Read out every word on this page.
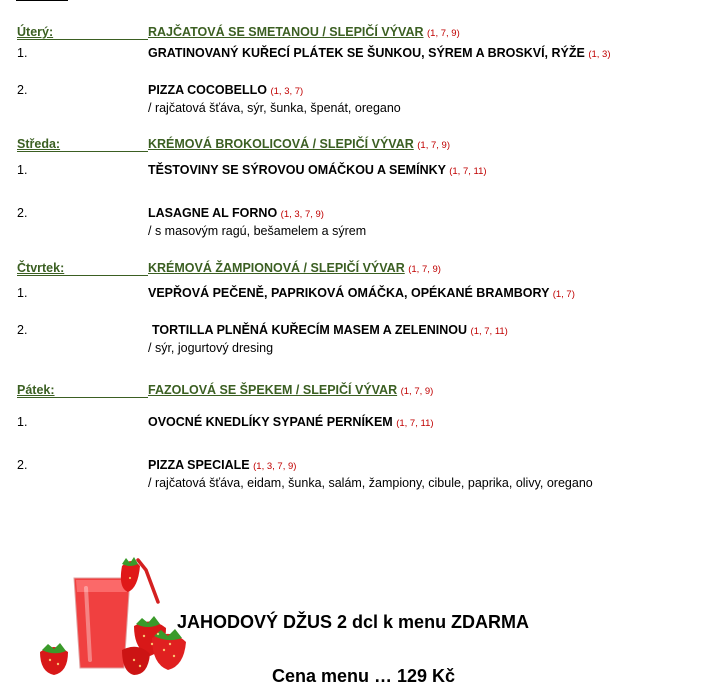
Úterý:	RAJČATOVÁ SE SMETANOU / SLEPIČÍ VÝVAR (1, 7, 9)
1.	GRATINOVANÝ KUŘECÍ PLÁTEK SE ŠUNKOU, SÝREM A BROSKVÍ, RÝŽE (1, 3)
2.	PIZZA COCOBELLO (1, 3, 7)
/ rajčatová šťáva, sýr, šunka, špenát, oregano
Středa:	KRÉMOVÁ BROKOLICOVÁ / SLEPIČÍ VÝVAR (1, 7, 9)
1.	TĚSTOVINY SE SÝROVOU OMÁČKOU A SEMÍNKY (1, 7, 11)
2.	LASAGNE AL FORNO (1, 3, 7, 9)
/ s masovým ragú, bešamelem a sýrem
Čtvrtek:	KRÉMOVÁ ŽAMPIONOVÁ / SLEPIČÍ VÝVAR (1, 7, 9)
1.	VEPŘOVÁ PEČENĚ, PAPRIKOVÁ OMÁČKA, OPÉKANÉ BRAMBORY (1, 7)
2.	TORTILLA PLNĚNÁ KUŘECÍM MASEM A ZELENINOU (1, 7, 11)
/ sýr, jogurtový dresing
Pátek:	FAZOLOVÁ SE ŠPEKEM / SLEPIČÍ VÝVAR (1, 7, 9)
1.	OVOCNÉ KNEDLÍKY SYPANÉ PERNÍKEM (1, 7, 11)
2.	PIZZA SPECIALE (1, 3, 7, 9)
/ rajčatová šťáva, eidam, šunka, salám, žampiony, cibule, paprika, olivy, oregano
JAHODOVÝ DŽUS 2 dcl k menu ZDARMA
Cena menu … 129 Kč
